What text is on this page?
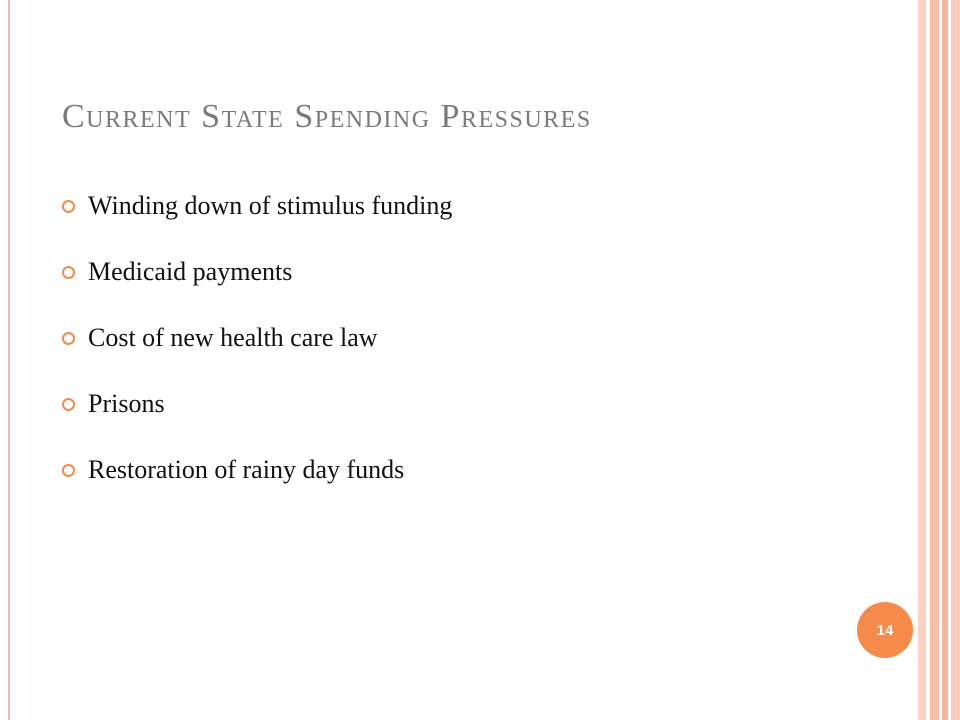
Current State Spending Pressures
Winding down of stimulus funding
Medicaid payments
Cost of new health care law
Prisons
Restoration of rainy day funds
14
